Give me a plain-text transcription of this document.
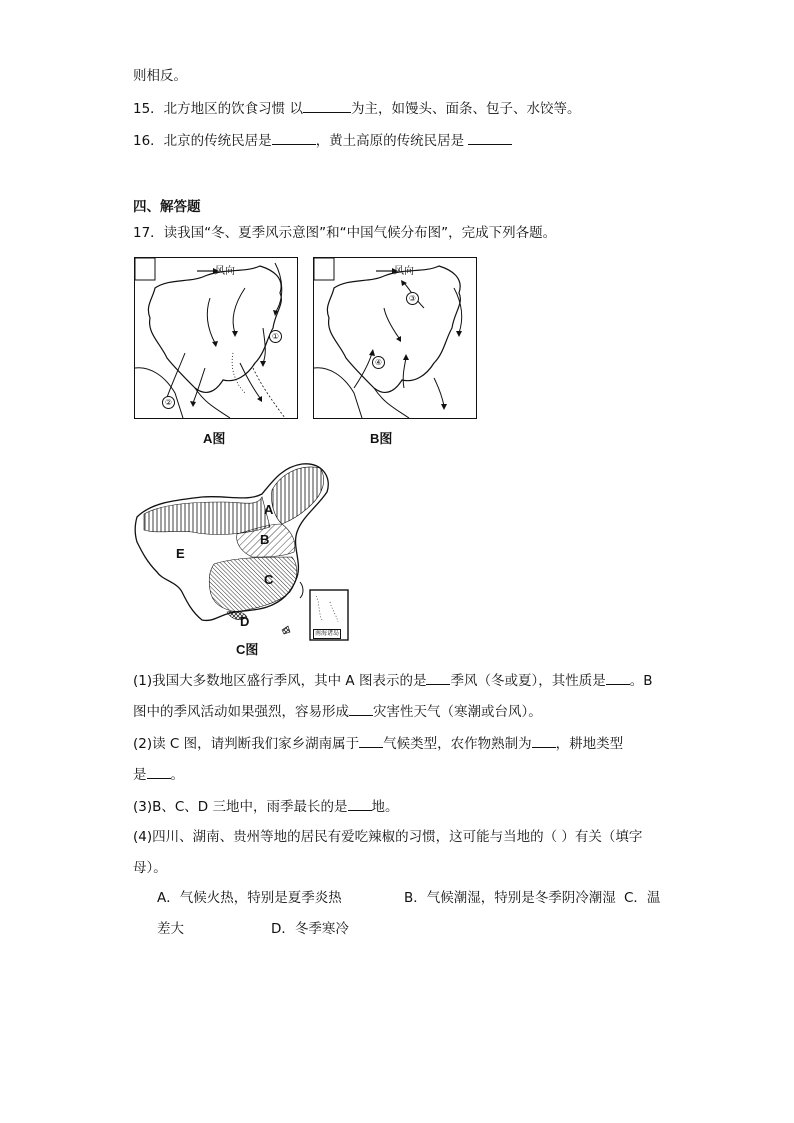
则相反。
15．北方地区的饮食习惯 以	为主，如馒头、面条、包子、水饺等。
16．北京的传统民居是	，黄土高原的传统民居是
四、解答题
17．读我国“冬、夏季风示意图”和“中国气候分布图”，完成下列各题。
风向
①
②
A图
风向
③
④
B图
A
B
C
D
E
南海诸岛
C图
(1)我国大多数地区盛行季风，其中 A 图表示的是 季风（冬或夏），其性质是 。B
图中的季风活动如果强烈，容易形成 灾害性天气（寒潮或台风）。
(2)读 C 图，请判断我们家乡湖南属于 气候类型，农作物熟制为 ，耕地类型
是 。
(3)B、C、D 三地中，雨季最长的是 地。
(4)四川、湖南、贵州等地的居民有爱吃辣椒的习惯，这可能与当地的（ ）有关（填字
母）。
A．气候火热，特别是夏季炎热	B．气候潮湿，特别是冬季阴冷潮湿 C．温
差大	D．冬季寒冷
